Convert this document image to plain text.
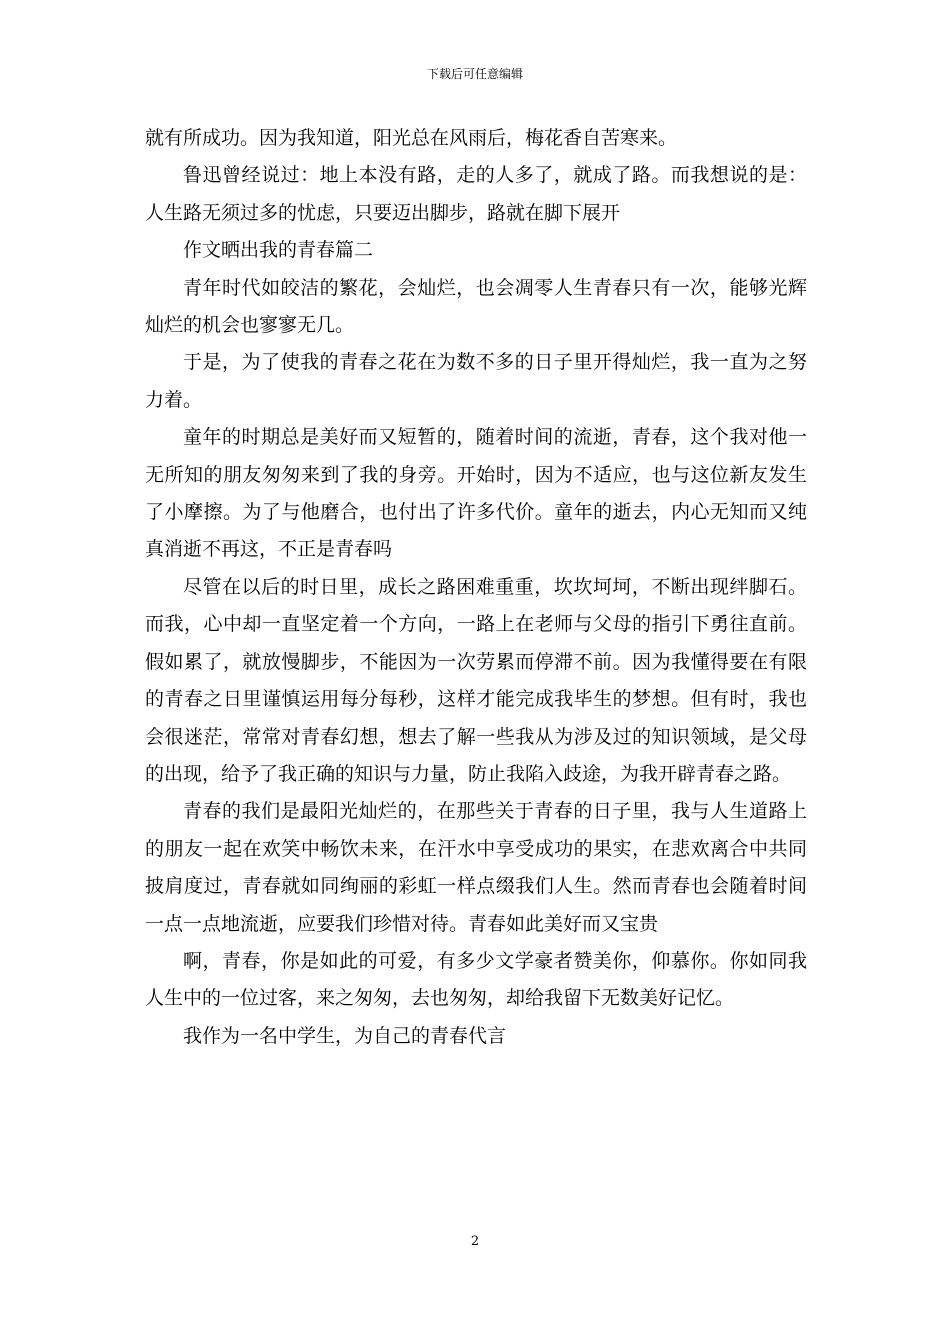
下载后可任意编辑

就有所成功。因为我知道，阳光总在风雨后，梅花香自苦寒来。

鲁迅曾经说过：地上本没有路，走的人多了，就成了路。而我想说的是：人生路无须过多的忧虑，只要迈出脚步，路就在脚下展开

作文晒出我的青春篇二

青年时代如皎洁的繁花，会灿烂，也会凋零人生青春只有一次，能够光辉灿烂的机会也寥寥无几。

于是，为了使我的青春之花在为数不多的日子里开得灿烂，我一直为之努力着。

童年的时期总是美好而又短暂的，随着时间的流逝，青春，这个我对他一无所知的朋友匆匆来到了我的身旁。开始时，因为不适应，也与这位新友发生了小摩擦。为了与他磨合，也付出了许多代价。童年的逝去，内心无知而又纯真消逝不再这，不正是青春吗

尽管在以后的时日里，成长之路困难重重，坎坎坷坷，不断出现绊脚石。而我，心中却一直坚定着一个方向，一路上在老师与父母的指引下勇往直前。假如累了，就放慢脚步，不能因为一次劳累而停滞不前。因为我懂得要在有限的青春之日里谨慎运用每分每秒，这样才能完成我毕生的梦想。但有时，我也会很迷茫，常常对青春幻想，想去了解一些我从为涉及过的知识领域，是父母的出现，给予了我正确的知识与力量，防止我陷入歧途，为我开辟青春之路。

青春的我们是最阳光灿烂的，在那些关于青春的日子里，我与人生道路上的朋友一起在欢笑中畅饮未来，在汗水中享受成功的果实，在悲欢离合中共同披肩度过，青春就如同绚丽的彩虹一样点缀我们人生。然而青春也会随着时间一点一点地流逝，应要我们珍惜对待。青春如此美好而又宝贵

啊，青春，你是如此的可爱，有多少文学豪者赞美你，仰慕你。你如同我人生中的一位过客，来之匆匆，去也匆匆，却给我留下无数美好记忆。

我作为一名中学生，为自己的青春代言

2
